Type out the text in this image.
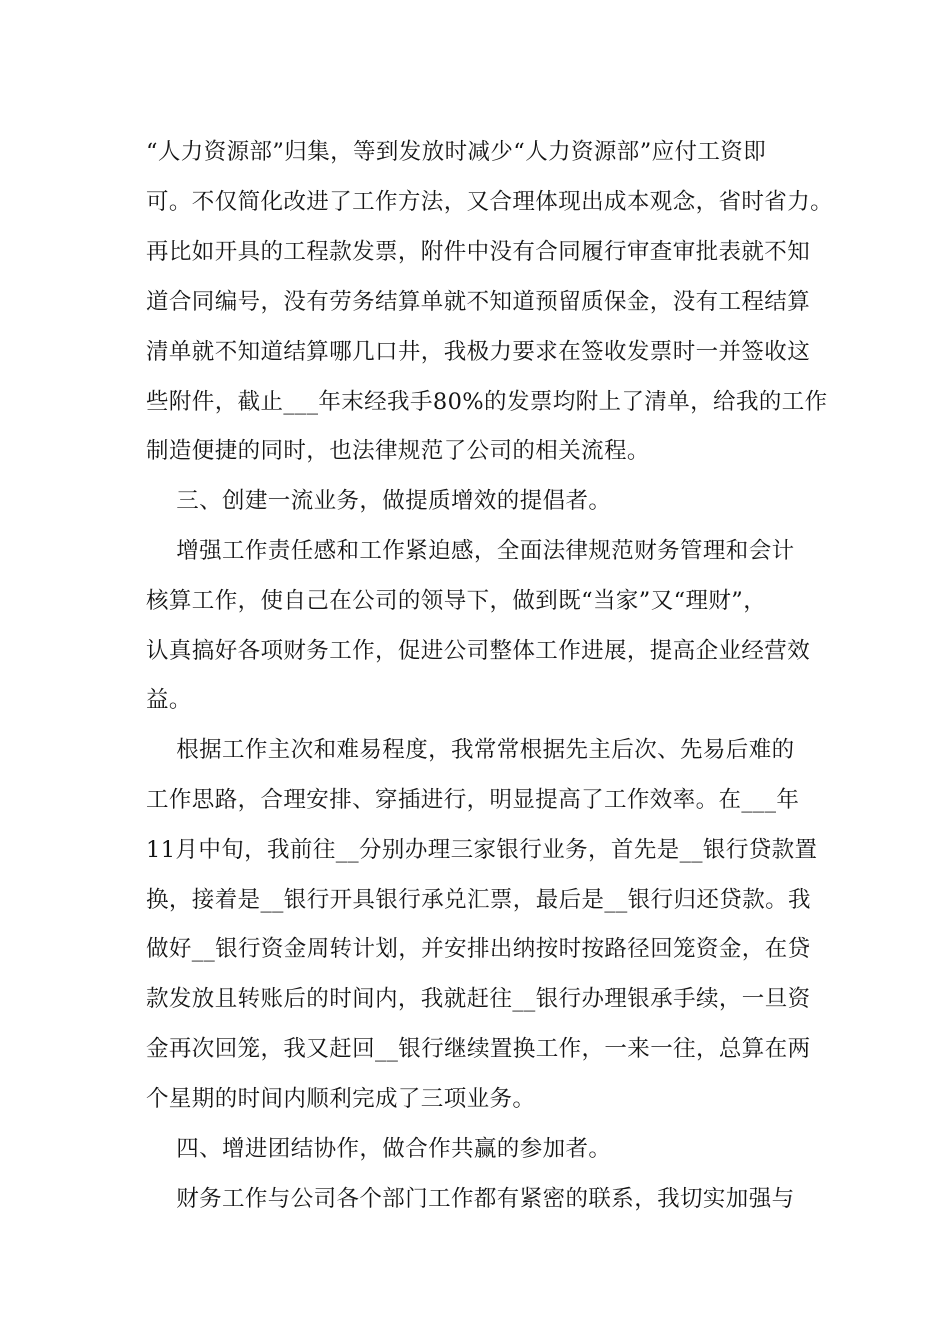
“人力资源部”归集，等到发放时减少“人力资源部”应付工资即
可。不仅简化改进了工作方法，又合理体现出成本观念，省时省力。
再比如开具的工程款发票，附件中没有合同履行审查审批表就不知
道合同编号，没有劳务结算单就不知道预留质保金，没有工程结算
清单就不知道结算哪几口井，我极力要求在签收发票时一并签收这
些附件，截止___年末经我手80%的发票均附上了清单，给我的工作
制造便捷的同时，也法律规范了公司的相关流程。
三、创建一流业务，做提质增效的提倡者。
增强工作责任感和工作紧迫感，全面法律规范财务管理和会计
核算工作，使自己在公司的领导下，做到既“当家”又“理财”，
认真搞好各项财务工作，促进公司整体工作进展，提高企业经营效
益。
根据工作主次和难易程度，我常常根据先主后次、先易后难的
工作思路，合理安排、穿插进行，明显提高了工作效率。在___年
11月中旬，我前往__分别办理三家银行业务，首先是__银行贷款置
换，接着是__银行开具银行承兑汇票，最后是__银行归还贷款。我
做好__银行资金周转计划，并安排出纳按时按路径回笼资金，在贷
款发放且转账后的时间内，我就赶往__银行办理银承手续，一旦资
金再次回笼，我又赶回__银行继续置换工作，一来一往，总算在两
个星期的时间内顺利完成了三项业务。
四、增进团结协作，做合作共赢的参加者。
财务工作与公司各个部门工作都有紧密的联系，我切实加强与
